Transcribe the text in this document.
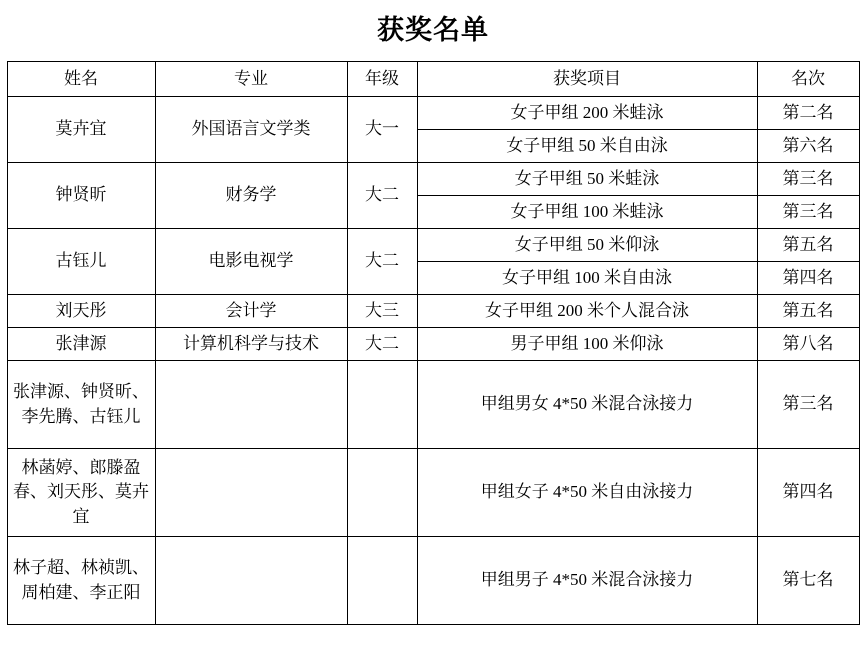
获奖名单
姓名	专业	年级	获奖项目	名次
莫卉宜	外国语言文学类	大一	女子甲组 200 米蛙泳	第二名
			女子甲组 50 米自由泳	第六名
钟贤昕	财务学	大二	女子甲组 50 米蛙泳	第三名
			女子甲组 100 米蛙泳	第三名
古钰儿	电影电视学	大二	女子甲组 50 米仰泳	第五名
			女子甲组 100 米自由泳	第四名
刘天彤	会计学	大三	女子甲组 200 米个人混合泳	第五名
张津源	计算机科学与技术	大二	男子甲组 100 米仰泳	第八名
张津源、钟贤昕、李先腾、古钰儿			甲组男女 4*50 米混合泳接力	第三名
林菡婷、郎滕盈春、刘天彤、莫卉宜			甲组女子 4*50 米自由泳接力	第四名
林子超、林祯凯、周柏建、李正阳			甲组男子 4*50 米混合泳接力	第七名
